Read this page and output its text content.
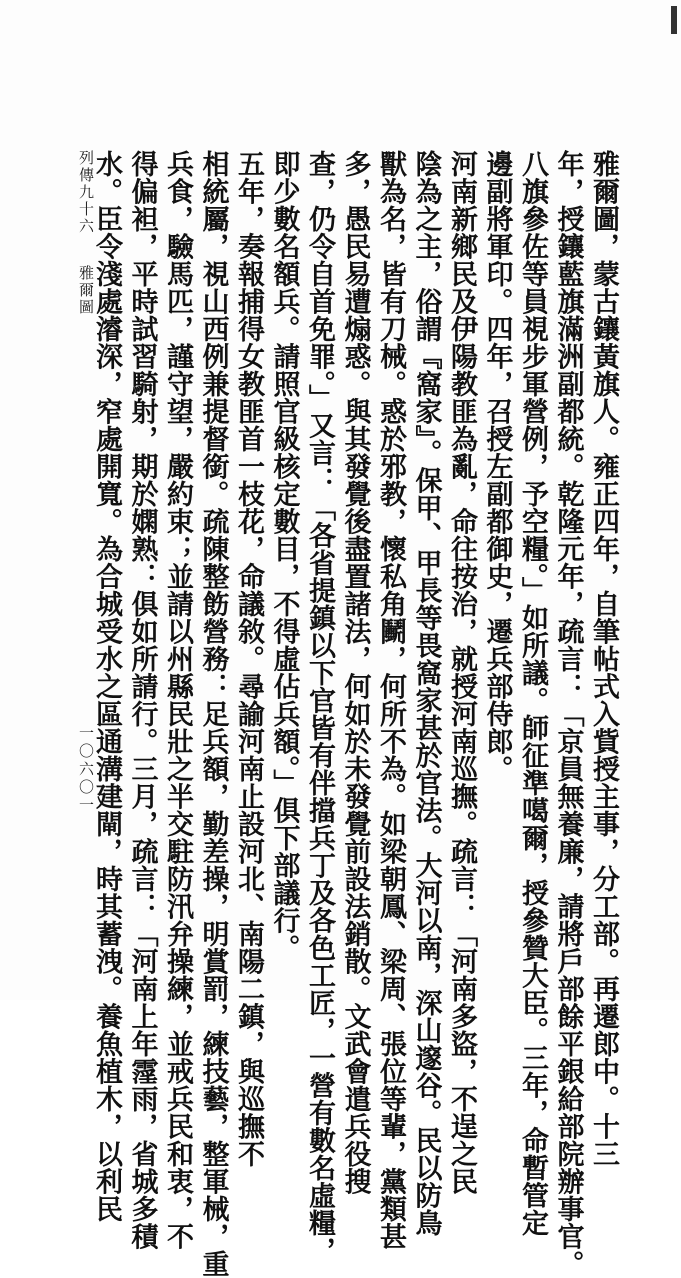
雅爾圖，蒙古鑲黃旗人。雍正四年，自筆帖式入貲授主事，分工部。再遷郎中。十三
年，授鑲藍旗滿洲副都統。乾隆元年，疏言：「京員無養廉，請將戶部餘平銀給部院辦事官。
八旗參佐等員視步軍營例，予空糧。」如所議。師征準噶爾，授參贊大臣。三年，命暫管定
邊副將軍印。四年，召授左副都御史，遷兵部侍郎。
河南新鄉民及伊陽教匪為亂，命往按治，就授河南巡撫。疏言：「河南多盜，不逞之民
陰為之主，俗謂『窩家』。保甲、甲長等畏窩家甚於官法。大河以南，深山邃谷。民以防鳥
獸為名，皆有刀械。惑於邪教，懷私角鬭，何所不為。如梁朝鳳、梁周、張位等輩，黨類甚
多，愚民易遭煽惑。與其發覺後盡置諸法，何如於未發覺前設法銷散。文武會遣兵役搜
查，仍令自首免罪。」又言：「各省提鎮以下官皆有伴擋兵丁及各色工匠，一營有數名虛糧，
即少數名額兵。請照官級核定數目，不得虛佔兵額。」俱下部議行。
五年，奏報捕得女教匪首一枝花，命議敘。尋諭河南止設河北、南陽二鎮，與巡撫不
相統屬，視山西例兼提督銜。疏陳整飭營務：足兵額，勤差操，明賞罰，練技藝，整軍械，重
兵食，驗馬匹，謹守望，嚴約束；並請以州縣民壯之半交駐防汛弁操練，並戒兵民和衷，不
得偏袒，平時試習騎射，期於嫻熟：俱如所請行。三月，疏言：「河南上年霪雨，省城多積
水。臣令淺處濬深，窄處開寬。為合城受水之區通溝建閘，時其蓄洩。養魚植木，以利民
列傳九十六雅爾圖
一〇六〇一
